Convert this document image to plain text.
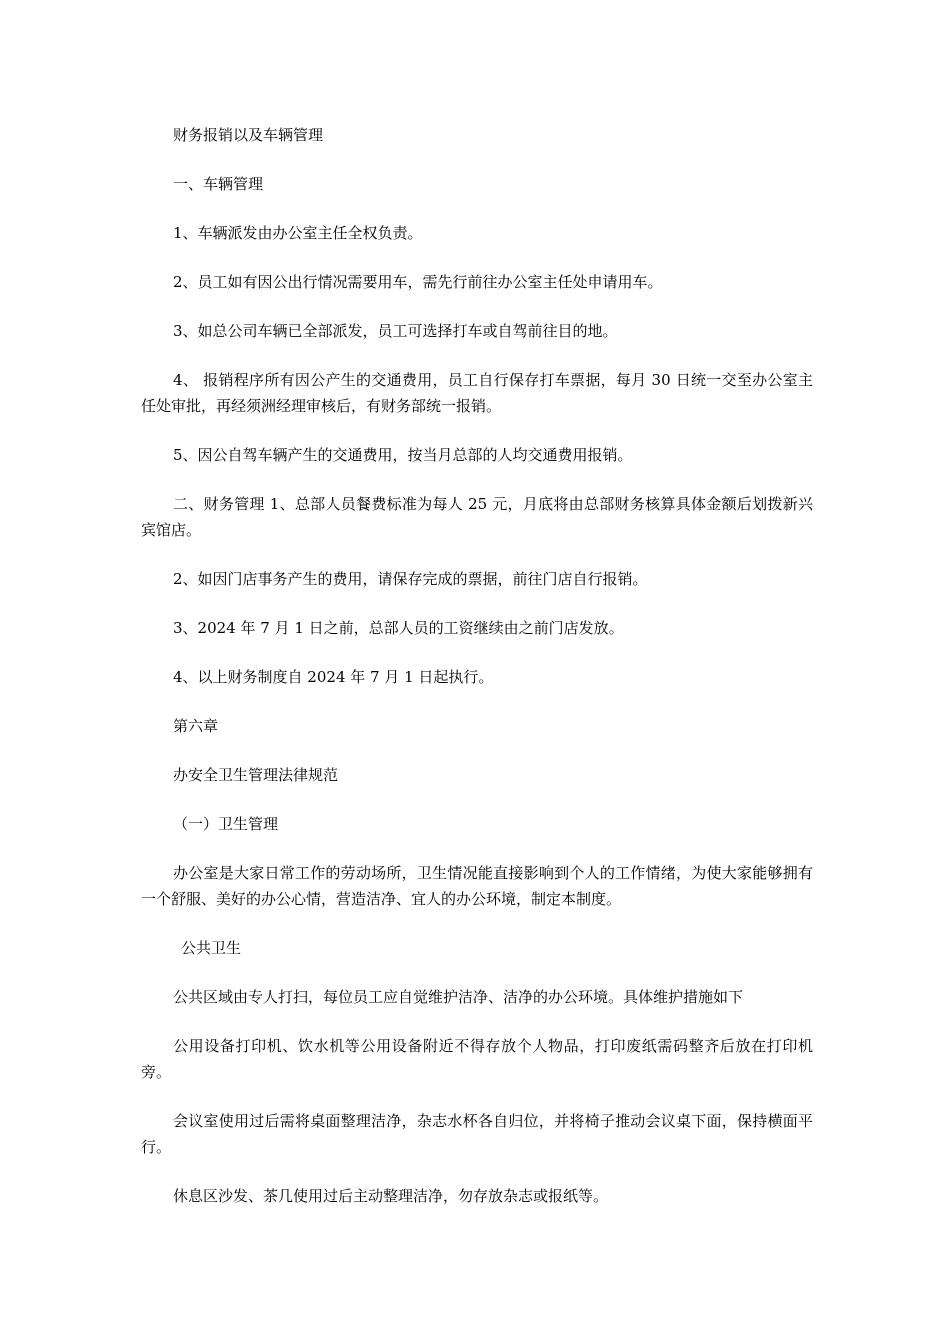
财务报销以及车辆管理

一、车辆管理

1、车辆派发由办公室主任全权负责。

2、员工如有因公出行情况需要用车，需先行前往办公室主任处申请用车。

3、如总公司车辆已全部派发，员工可选择打车或自驾前往目的地。

4、 报销程序所有因公产生的交通费用，员工自行保存打车票据，每月 30 日统一交至办公室主任处审批，再经须洲经理审核后，有财务部统一报销。

5、因公自驾车辆产生的交通费用，按当月总部的人均交通费用报销。

二、财务管理 1、总部人员餐费标准为每人 25 元，月底将由总部财务核算具体金额后划拨新兴宾馆店。

2、如因门店事务产生的费用，请保存完成的票据，前往门店自行报销。

3、2024 年 7 月 1 日之前，总部人员的工资继续由之前门店发放。

4、以上财务制度自 2024 年 7 月 1 日起执行。

第六章

办安全卫生管理法律规范

（一）卫生管理

办公室是大家日常工作的劳动场所，卫生情况能直接影响到个人的工作情绪，为使大家能够拥有一个舒服、美好的办公心情，营造洁净、宜人的办公环境，制定本制度。

公共卫生

公共区域由专人打扫，每位员工应自觉维护洁净、洁净的办公环境。具体维护措施如下

公用设备打印机、饮水机等公用设备附近不得存放个人物品，打印废纸需码整齐后放在打印机旁。

会议室使用过后需将桌面整理洁净，杂志水杯各自归位，并将椅子推动会议桌下面，保持横面平行。

休息区沙发、茶几使用过后主动整理洁净，勿存放杂志或报纸等。
